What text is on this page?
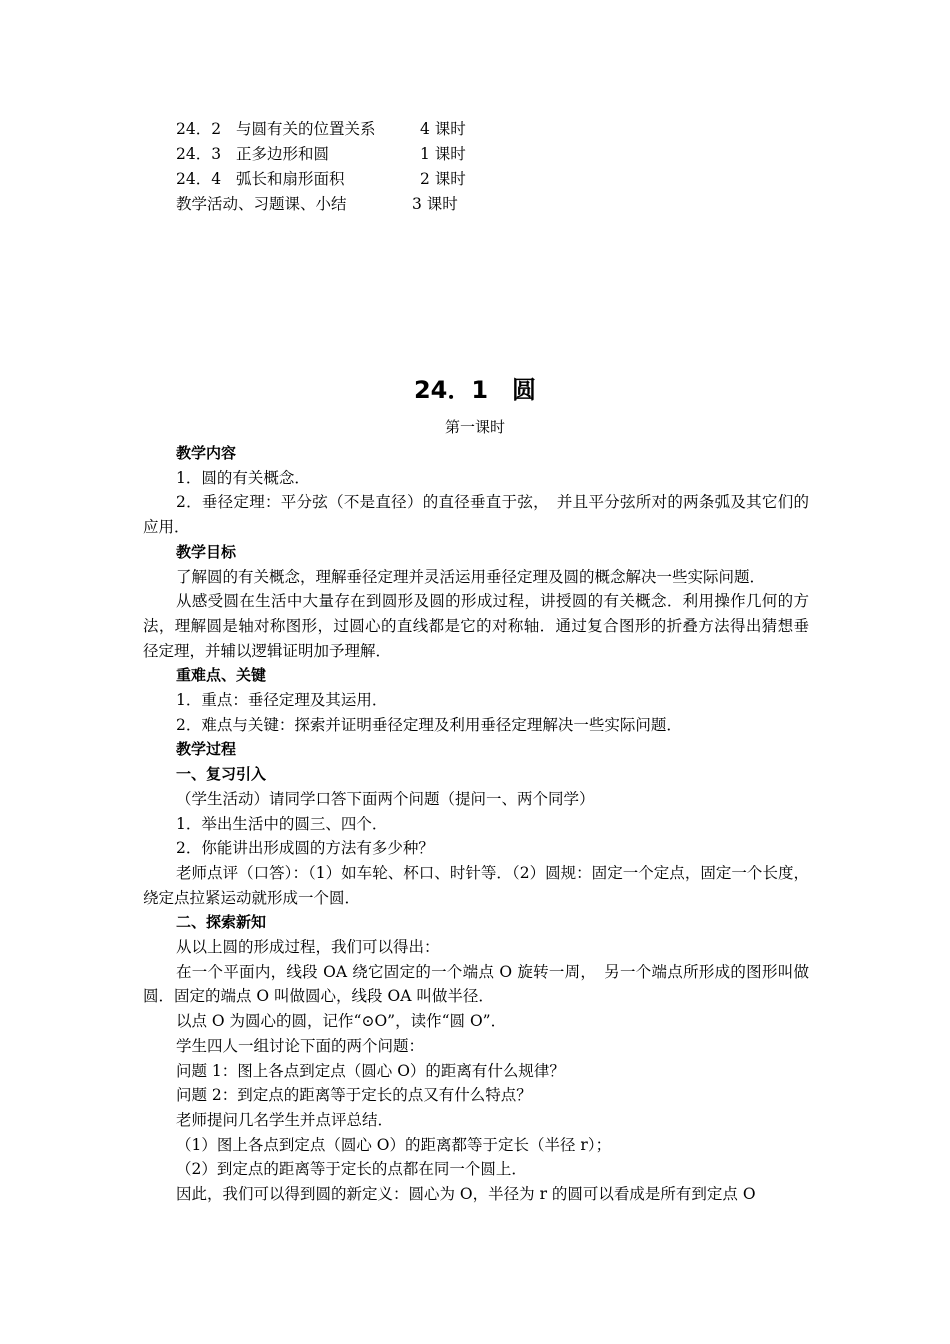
24．2 与圆有关的位置关系	4 课时
24．3 正多边形和圆	1 课时
24．4 弧长和扇形面积	2 课时
教学活动、习题课、小结	3 课时
24．1　圆
第一课时

教学内容

1．圆的有关概念．

2．垂径定理：平分弦（不是直径）的直径垂直于弦，　并且平分弦所对的两条弧及其它们的应用．

教学目标

了解圆的有关概念，理解垂径定理并灵活运用垂径定理及圆的概念解决一些实际问题．

从感受圆在生活中大量存在到圆形及圆的形成过程，讲授圆的有关概念．利用操作几何的方法，理解圆是轴对称图形，过圆心的直线都是它的对称轴．通过复合图形的折叠方法得出猜想垂径定理，并辅以逻辑证明加予理解．

重难点、关键

1．重点：垂径定理及其运用．

2．难点与关键：探索并证明垂径定理及利用垂径定理解决一些实际问题．

教学过程

一、复习引入

（学生活动）请同学口答下面两个问题（提问一、两个同学）

1．举出生活中的圆三、四个．

2．你能讲出形成圆的方法有多少种？

老师点评（口答）：（1）如车轮、杯口、时针等．（2）圆规：固定一个定点，固定一个长度，绕定点拉紧运动就形成一个圆．

二、探索新知

从以上圆的形成过程，我们可以得出：

在一个平面内，线段 OA 绕它固定的一个端点 O 旋转一周，　另一个端点所形成的图形叫做圆．固定的端点 O 叫做圆心，线段 OA 叫做半径．

以点 O 为圆心的圆，记作“⊙O”，读作“圆 O”．

学生四人一组讨论下面的两个问题：

问题 1：图上各点到定点（圆心 O）的距离有什么规律？

问题 2：到定点的距离等于定长的点又有什么特点？

老师提问几名学生并点评总结．

（1）图上各点到定点（圆心 O）的距离都等于定长（半径 r）；

（2）到定点的距离等于定长的点都在同一个圆上．

因此，我们可以得到圆的新定义：圆心为 O，半径为 r 的圆可以看成是所有到定点 O
